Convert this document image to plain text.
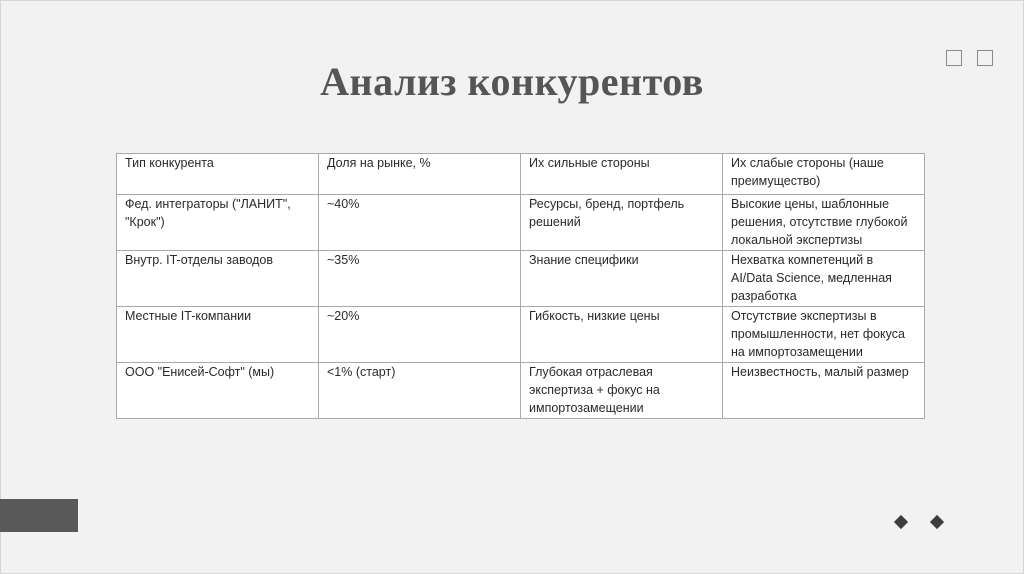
Анализ конкурентов
Тип конкурента	Доля на рынке, %	Их сильные стороны	Их слабые стороны (наше преимущество)
Фед. интеграторы ("ЛАНИТ", "Крок")	~40%	Ресурсы, бренд, портфель решений	Высокие цены, шаблонные решения, отсутствие глубокой локальной экспертизы
Внутр. IT-отделы заводов	~35%	Знание специфики	Нехватка компетенций в AI/Data Science, медленная разработка
Местные IT-компании	~20%	Гибкость, низкие цены	Отсутствие экспертизы в промышленности, нет фокуса на импортозамещении
ООО "Енисей-Софт" (мы)	<1% (старт)	Глубокая отраслевая экспертиза + фокус на импортозамещении	Неизвестность, малый размер
